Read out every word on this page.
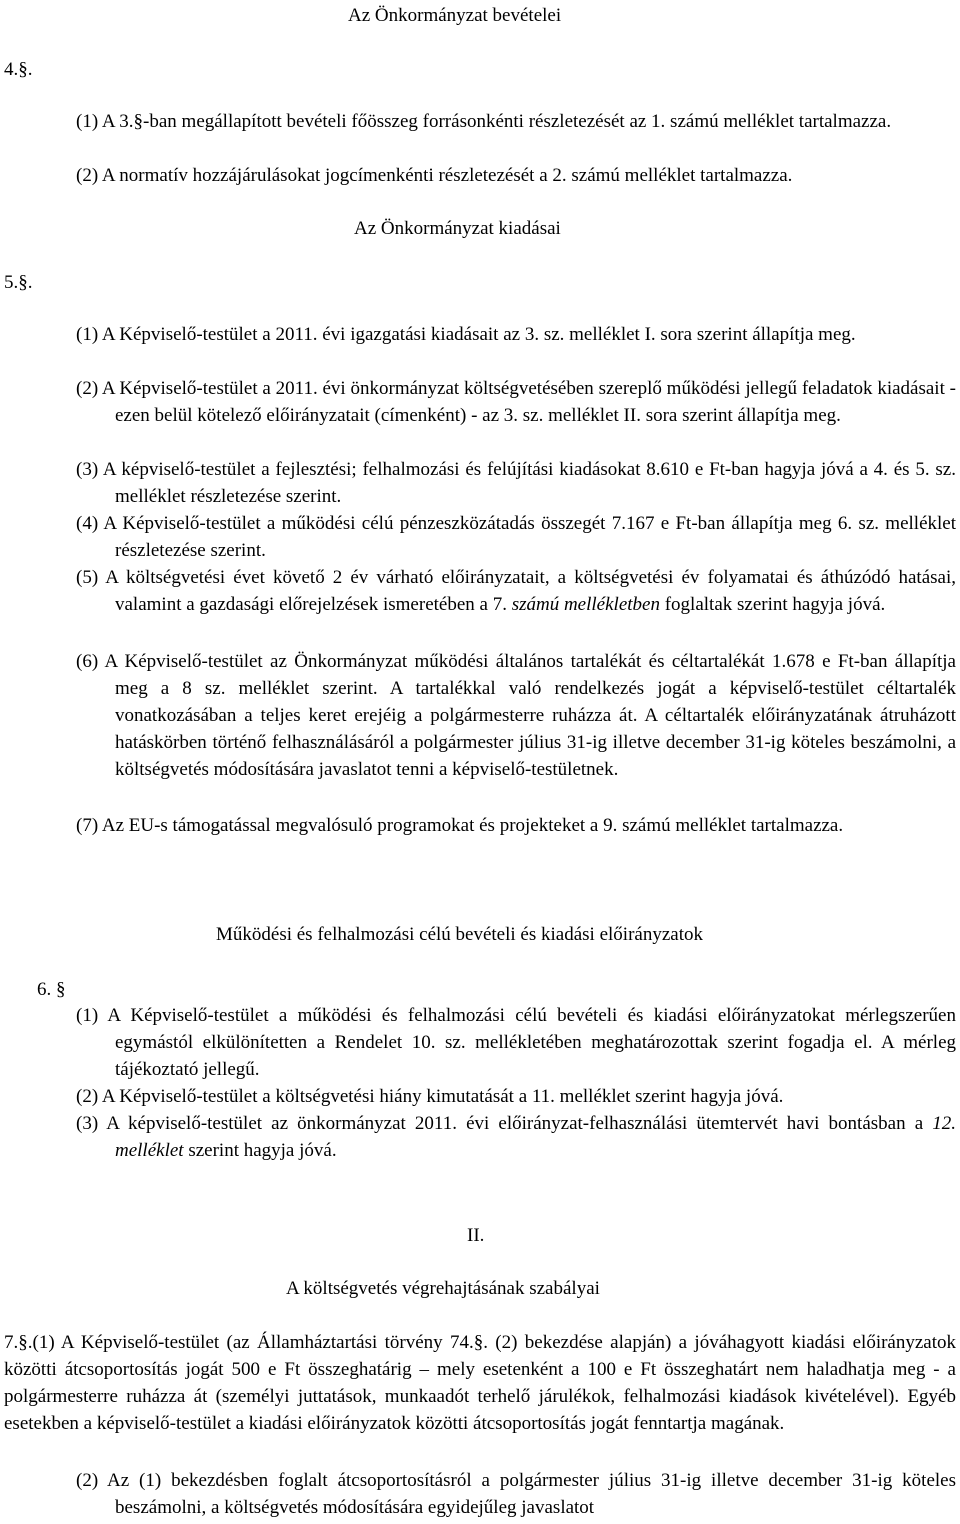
Az Önkormányzat bevételei
4.§.
(1) A 3.§-ban megállapított bevételi főösszeg forrásonkénti részletezését az 1. számú melléklet tartalmazza.
(2) A normatív hozzájárulásokat jogcímenkénti részletezését a 2. számú melléklet tartalmazza.
Az Önkormányzat kiadásai
5.§.
(1) A Képviselő-testület a 2011. évi igazgatási kiadásait az 3. sz. melléklet I. sora szerint állapítja meg.
(2) A Képviselő-testület a 2011. évi önkormányzat költségvetésében szereplő működési jellegű feladatok kiadásait - ezen belül kötelező előirányzatait (címenként) - az 3. sz. melléklet II. sora szerint állapítja meg.
(3) A képviselő-testület a fejlesztési; felhalmozási és felújítási kiadásokat 8.610 e Ft-ban hagyja jóvá a 4. és 5. sz. melléklet részletezése szerint.
(4) A Képviselő-testület a működési célú pénzeszközátadás összegét 7.167 e Ft-ban állapítja meg 6. sz. melléklet részletezése szerint.
(5) A költségvetési évet követő 2 év várható előirányzatait, a költségvetési év folyamatai és áthúzódó hatásai, valamint a gazdasági előrejelzések ismeretében a 7. számú mellékletben foglaltak szerint hagyja jóvá.
(6) A Képviselő-testület az Önkormányzat működési általános tartalékát és céltartalékát 1.678 e Ft-ban állapítja meg a 8 sz. melléklet szerint. A tartalékkal való rendelkezés jogát a képviselő-testület céltartalék vonatkozásában a teljes keret erejéig a polgármesterre ruházza át. A céltartalék előirányzatának átruházott hatáskörben történő felhasználásáról a polgármester július 31-ig illetve december 31-ig köteles beszámolni, a költségvetés módosítására javaslatot tenni a képviselő-testületnek.
(7) Az EU-s támogatással megvalósuló programokat és projekteket a 9. számú melléklet tartalmazza.
Működési és felhalmozási célú bevételi és kiadási előirányzatok
6. §
(1) A Képviselő-testület a működési és felhalmozási célú bevételi és kiadási előirányzatokat mérlegszerűen egymástól elkülönítetten a Rendelet 10. sz. mellékletében meghatározottak szerint fogadja el. A mérleg tájékoztató jellegű.
(2) A Képviselő-testület a költségvetési hiány kimutatását a 11. melléklet szerint hagyja jóvá.
(3) A képviselő-testület az önkormányzat 2011. évi előirányzat-felhasználási ütemtervét havi bontásban a 12. melléklet szerint hagyja jóvá.
II.
A költségvetés végrehajtásának szabályai
7.§.(1) A Képviselő-testület (az Államháztartási törvény 74.§. (2) bekezdése alapján) a jóváhagyott kiadási előirányzatok közötti átcsoportosítás jogát 500 e Ft összeghatárig – mely esetenként a 100 e Ft összeghatárt nem haladhatja meg - a polgármesterre ruházza át (személyi juttatások, munkaadót terhelő járulékok, felhalmozási kiadások kivételével). Egyéb esetekben a képviselő-testület a kiadási előirányzatok közötti átcsoportosítás jogát fenntartja magának.
(2) Az (1) bekezdésben foglalt átcsoportosításról a polgármester július 31-ig illetve december 31-ig köteles beszámolni, a költségvetés módosítására egyidejűleg javaslatot
